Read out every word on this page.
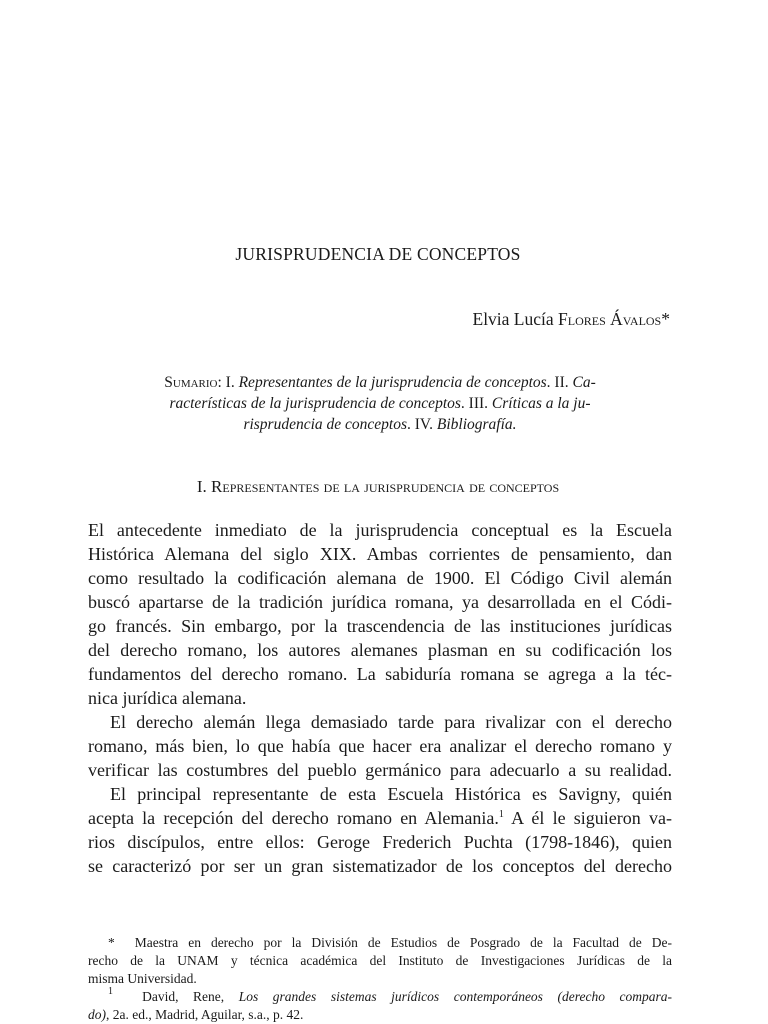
JURISPRUDENCIA DE CONCEPTOS
Elvia Lucía Flores Ávalos*
Sumario: I. Representantes de la jurisprudencia de conceptos. II. Ca-
racterísticas de la jurisprudencia de conceptos. III. Críticas a la ju-
risprudencia de conceptos. IV. Bibliografía.
I. Representantes de la jurisprudencia de conceptos
El antecedente inmediato de la jurisprudencia conceptual es la Escuela
Histórica Alemana del siglo XIX. Ambas corrientes de pensamiento, dan
como resultado la codificación alemana de 1900. El Código Civil alemán
buscó apartarse de la tradición jurídica romana, ya desarrollada en el Códi-
go francés. Sin embargo, por la trascendencia de las instituciones jurídicas
del derecho romano, los autores alemanes plasman en su codificación los
fundamentos del derecho romano. La sabiduría romana se agrega a la téc-
nica jurídica alemana.
El derecho alemán llega demasiado tarde para rivalizar con el derecho
romano, más bien, lo que había que hacer era analizar el derecho romano y
verificar las costumbres del pueblo germánico para adecuarlo a su realidad.
El principal representante de esta Escuela Histórica es Savigny, quién
acepta la recepción del derecho romano en Alemania.$^1$ A él le siguieron va-
rios discípulos, entre ellos: Geroge Frederich Puchta (1798-1846), quien
se caracterizó por ser un gran sistematizador de los conceptos del derecho
* Maestra en derecho por la División de Estudios de Posgrado de la Facultad de De-
recho de la UNAM y técnica académica del Instituto de Investigaciones Jurídicas de la
misma Universidad.
$^1$ David, Rene, Los grandes sistemas jurídicos contemporáneos (derecho compara-
do), 2a. ed., Madrid, Aguilar, s.a., p. 42.
